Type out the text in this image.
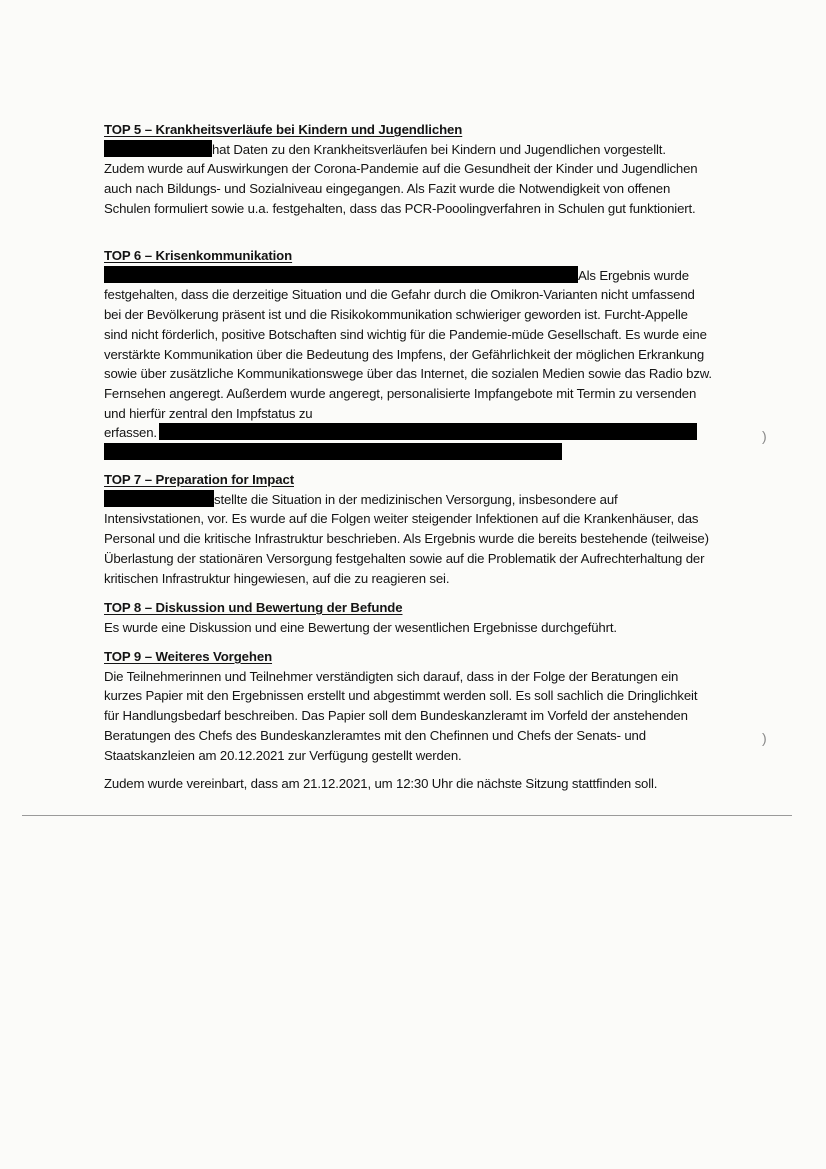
TOP 5 – Krankheitsverläufe bei Kindern und Jugendlichen
hat Daten zu den Krankheitsverläufen bei Kindern und Jugendlichen vorgestellt.
Zudem wurde auf Auswirkungen der Corona-Pandemie auf die Gesundheit der Kinder und Jugendlichen auch nach Bildungs- und Sozialniveau eingegangen. Als Fazit wurde die Notwendigkeit von offenen Schulen formuliert sowie u.a. festgehalten, dass das PCR-Pooolingverfahren in Schulen gut funktioniert.
TOP 6 – Krisenkommunikation
Als Ergebnis wurde
festgehalten, dass die derzeitige Situation und die Gefahr durch die Omikron-Varianten nicht umfassend bei der Bevölkerung präsent ist und die Risikokommunikation schwieriger geworden ist. Furcht-Appelle sind nicht förderlich, positive Botschaften sind wichtig für die Pandemie-müde Gesellschaft. Es wurde eine verstärkte Kommunikation über die Bedeutung des Impfens, der Gefährlichkeit der möglichen Erkrankung sowie über zusätzliche Kommunikationswege über das Internet, die sozialen Medien sowie das Radio bzw. Fernsehen angeregt. Außerdem wurde angeregt, personalisierte Impfangebote mit Termin zu versenden und hierfür zentral den Impfstatus zu
erfassen.
TOP 7 – Preparation for Impact
stellte die Situation in der medizinischen Versorgung, insbesondere auf
Intensivstationen, vor. Es wurde auf die Folgen weiter steigender Infektionen auf die Krankenhäuser, das Personal und die kritische Infrastruktur beschrieben. Als Ergebnis wurde die bereits bestehende (teilweise) Überlastung der stationären Versorgung festgehalten sowie auf die Problematik der Aufrechterhaltung der kritischen Infrastruktur hingewiesen, auf die zu reagieren sei.
TOP 8 – Diskussion und Bewertung der Befunde
Es wurde eine Diskussion und eine Bewertung der wesentlichen Ergebnisse durchgeführt.
TOP 9 – Weiteres Vorgehen
Die Teilnehmerinnen und Teilnehmer verständigten sich darauf, dass in der Folge der Beratungen ein kurzes Papier mit den Ergebnissen erstellt und abgestimmt werden soll. Es soll sachlich die Dringlichkeit für Handlungsbedarf beschreiben. Das Papier soll dem Bundeskanzleramt im Vorfeld der anstehenden Beratungen des Chefs des Bundeskanzleramtes mit den Chefinnen und Chefs der Senats- und Staatskanzleien am 20.12.2021 zur Verfügung gestellt werden.
Zudem wurde vereinbart, dass am 21.12.2021, um 12:30 Uhr die nächste Sitzung stattfinden soll.
)
)
